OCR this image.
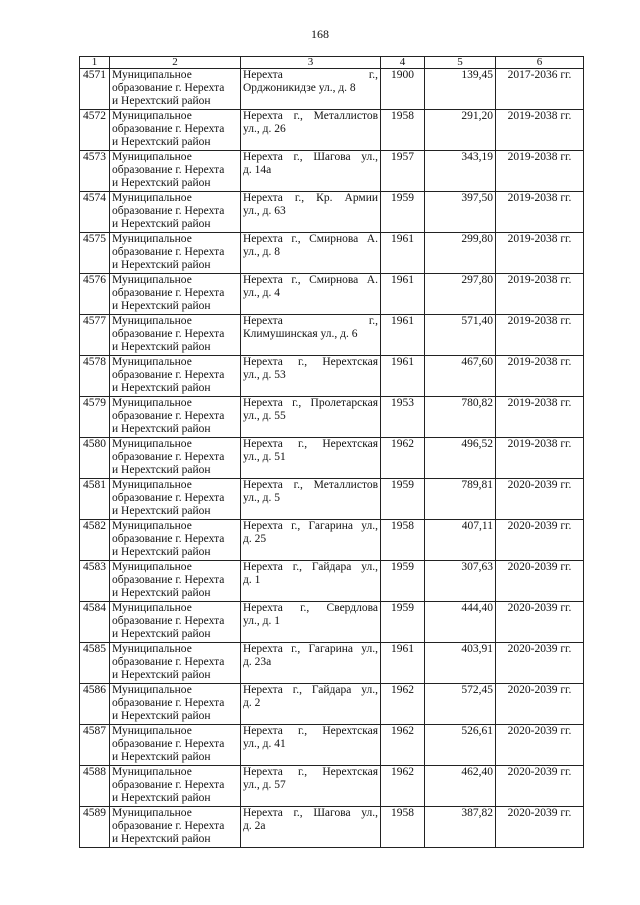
168
1	2	3	4	5	6
4571	Муниципальное
образование г. Нерехта
и Нерехтский район	Нерехта г.,
Орджоникидзе ул., д. 8	1900	139,45	2017-2036 гг.
4572	Муниципальное
образование г. Нерехта
и Нерехтский район	Нерехта г., Металлистов
ул., д. 26	1958	291,20	2019-2038 гг.
4573	Муниципальное
образование г. Нерехта
и Нерехтский район	Нерехта г., Шагова ул.,
д. 14а	1957	343,19	2019-2038 гг.
4574	Муниципальное
образование г. Нерехта
и Нерехтский район	Нерехта г., Кр. Армии
ул., д. 63	1959	397,50	2019-2038 гг.
4575	Муниципальное
образование г. Нерехта
и Нерехтский район	Нерехта г., Смирнова А.
ул., д. 8	1961	299,80	2019-2038 гг.
4576	Муниципальное
образование г. Нерехта
и Нерехтский район	Нерехта г., Смирнова А.
ул., д. 4	1961	297,80	2019-2038 гг.
4577	Муниципальное
образование г. Нерехта
и Нерехтский район	Нерехта г.,
Климушинская ул., д. 6	1961	571,40	2019-2038 гг.
4578	Муниципальное
образование г. Нерехта
и Нерехтский район	Нерехта г., Нерехтская
ул., д. 53	1961	467,60	2019-2038 гг.
4579	Муниципальное
образование г. Нерехта
и Нерехтский район	Нерехта г., Пролетарская
ул., д. 55	1953	780,82	2019-2038 гг.
4580	Муниципальное
образование г. Нерехта
и Нерехтский район	Нерехта г., Нерехтская
ул., д. 51	1962	496,52	2019-2038 гг.
4581	Муниципальное
образование г. Нерехта
и Нерехтский район	Нерехта г., Металлистов
ул., д. 5	1959	789,81	2020-2039 гг.
4582	Муниципальное
образование г. Нерехта
и Нерехтский район	Нерехта г., Гагарина ул.,
д. 25	1958	407,11	2020-2039 гг.
4583	Муниципальное
образование г. Нерехта
и Нерехтский район	Нерехта г., Гайдара ул.,
д. 1	1959	307,63	2020-2039 гг.
4584	Муниципальное
образование г. Нерехта
и Нерехтский район	Нерехта г., Свердлова
ул., д. 1	1959	444,40	2020-2039 гг.
4585	Муниципальное
образование г. Нерехта
и Нерехтский район	Нерехта г., Гагарина ул.,
д. 23а	1961	403,91	2020-2039 гг.
4586	Муниципальное
образование г. Нерехта
и Нерехтский район	Нерехта г., Гайдара ул.,
д. 2	1962	572,45	2020-2039 гг.
4587	Муниципальное
образование г. Нерехта
и Нерехтский район	Нерехта г., Нерехтская
ул., д. 41	1962	526,61	2020-2039 гг.
4588	Муниципальное
образование г. Нерехта
и Нерехтский район	Нерехта г., Нерехтская
ул., д. 57	1962	462,40	2020-2039 гг.
4589	Муниципальное
образование г. Нерехта
и Нерехтский район	Нерехта г., Шагова ул.,
д. 2а	1958	387,82	2020-2039 гг.
